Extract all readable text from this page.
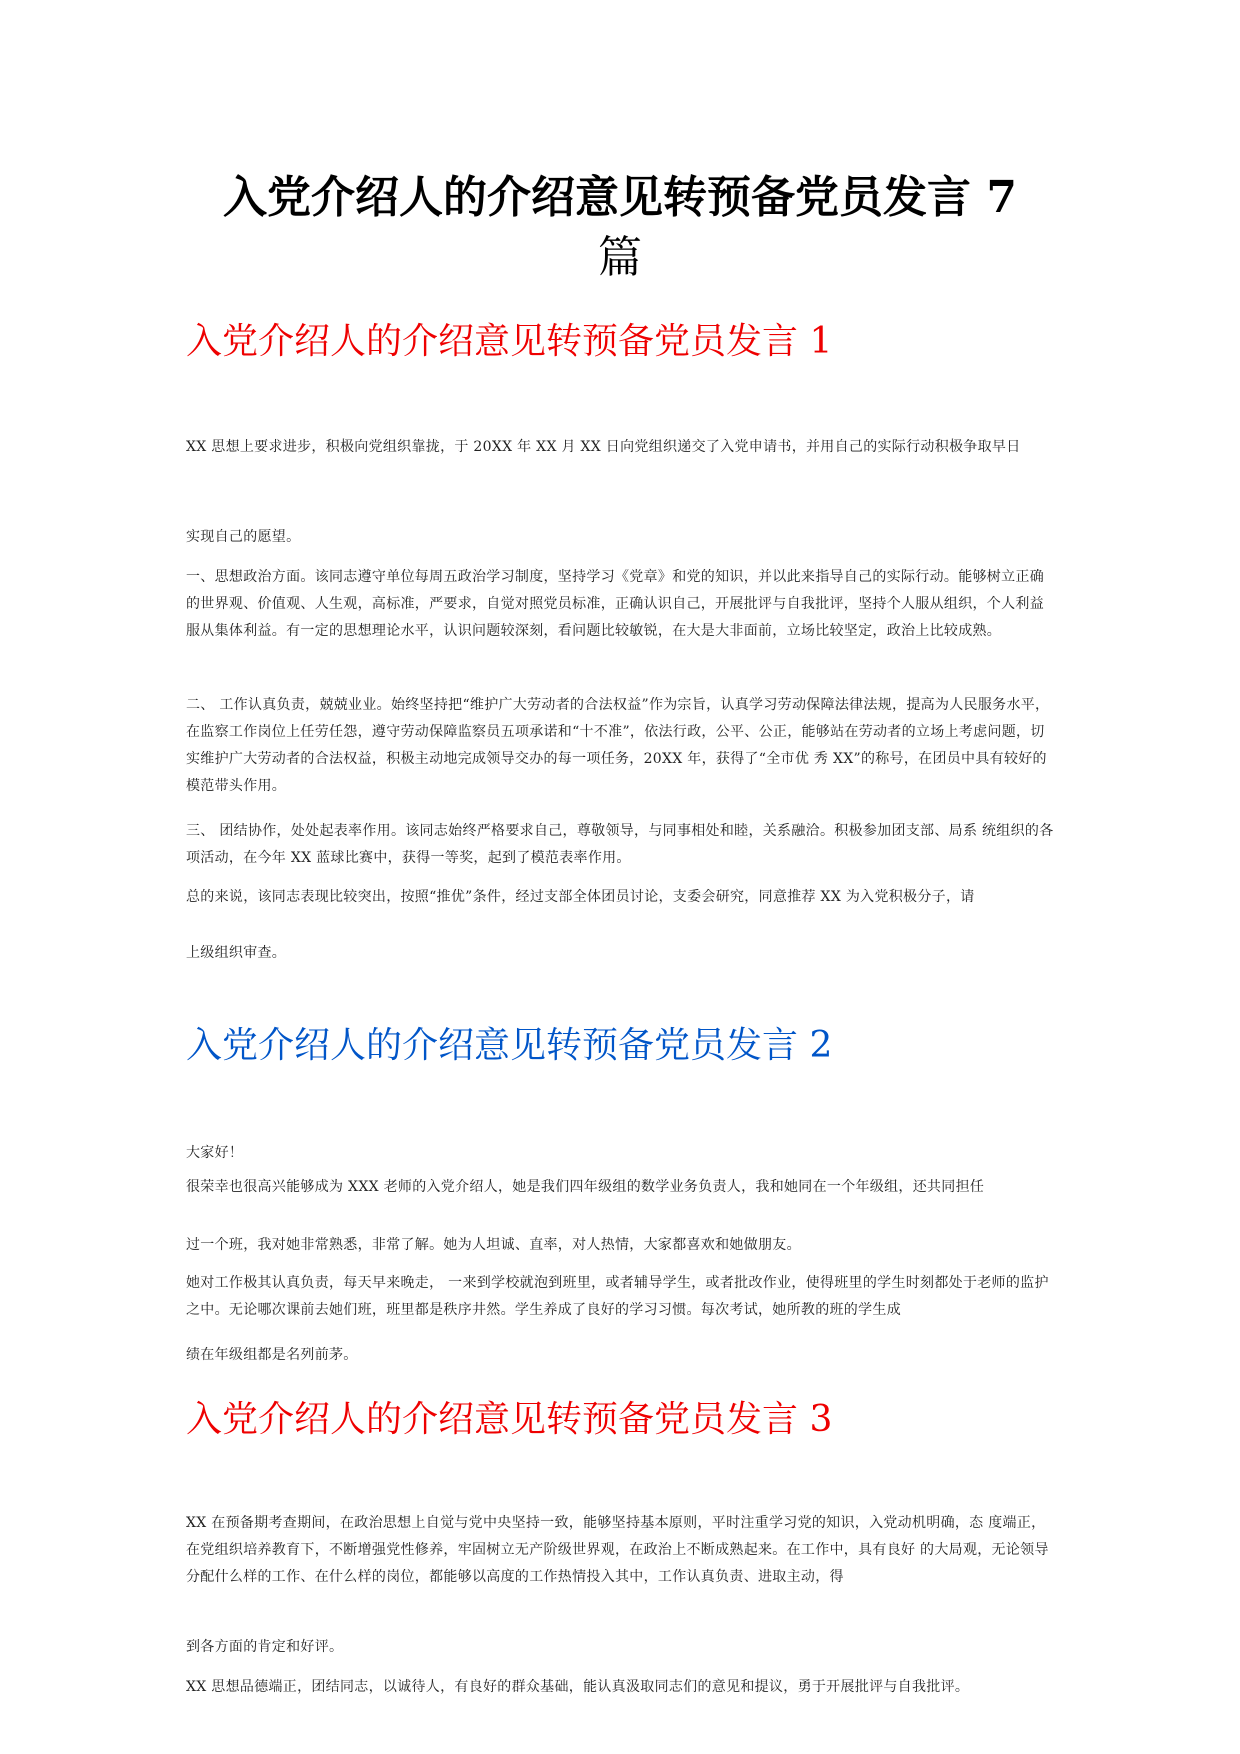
入党介绍人的介绍意见转预备党员发言 7
篇
入党介绍人的介绍意见转预备党员发言 1

XX 思想上要求进步，积极向党组织靠拢，于 20XX 年 XX 月 XX 日向党组织递交了入党申请书，并用自己的实际行动积极争取早日

实现自己的愿望。

一、思想政治方面。该同志遵守单位每周五政治学习制度，坚持学习《党章》和党的知识，并以此来指导自己的实际行动。能够树立正确的世界观、价值观、人生观，高标准，严要求，自觉对照党员标准，正确认识自己，开展批评与自我批评，坚持个人服从组织，个人利益服从集体利益。有一定的思想理论水平，认识问题较深刻，看问题比较敏锐，在大是大非面前，立场比较坚定，政治上比较成熟。

二、 工作认真负责，兢兢业业。始终坚持把“维护广大劳动者的合法权益”作为宗旨，认真学习劳动保障法律法规，提高为人民服务水平，在监察工作岗位上任劳任怨，遵守劳动保障监察员五项承诺和“十不准”，依法行政，公平、公正，能够站在劳动者的立场上考虑问题，切实维护广大劳动者的合法权益，积极主动地完成领导交办的每一项任务，20XX 年，获得了“全市优 秀 XX”的称号，在团员中具有较好的模范带头作用。

三、 团结协作，处处起表率作用。该同志始终严格要求自己，尊敬领导，与同事相处和睦，关系融洽。积极参加团支部、局系 统组织的各项活动，在今年 XX 蓝球比赛中，获得一等奖，起到了模范表率作用。

总的来说，该同志表现比较突出，按照“推优”条件，经过支部全体团员讨论，支委会研究，同意推荐 XX 为入党积极分子，请

上级组织审查。

入党介绍人的介绍意见转预备党员发言 2

大家好！

很荣幸也很高兴能够成为 XXX 老师的入党介绍人，她是我们四年级组的数学业务负责人，我和她同在一个年级组，还共同担任

过一个班，我对她非常熟悉，非常了解。她为人坦诚、直率，对人热情，大家都喜欢和她做朋友。

她对工作极其认真负责，每天早来晚走， 一来到学校就泡到班里，或者辅导学生，或者批改作业，使得班里的学生时刻都处于老师的监护之中。无论哪次课前去她们班，班里都是秩序井然。学生养成了良好的学习习惯。每次考试，她所教的班的学生成

绩在年级组都是名列前茅。

入党介绍人的介绍意见转预备党员发言 3

XX 在预备期考查期间，在政治思想上自觉与党中央坚持一致，能够坚持基本原则，平时注重学习党的知识，入党动机明确，态 度端正，在党组织培养教育下，不断增强党性修养，牢固树立无产阶级世界观，在政治上不断成熟起来。在工作中，具有良好 的大局观，无论领导分配什么样的工作、在什么样的岗位，都能够以高度的工作热情投入其中，工作认真负责、进取主动，得

到各方面的肯定和好评。

XX 思想品德端正，团结同志，以诚待人，有良好的群众基础，能认真汲取同志们的意见和提议，勇于开展批评与自我批评。
